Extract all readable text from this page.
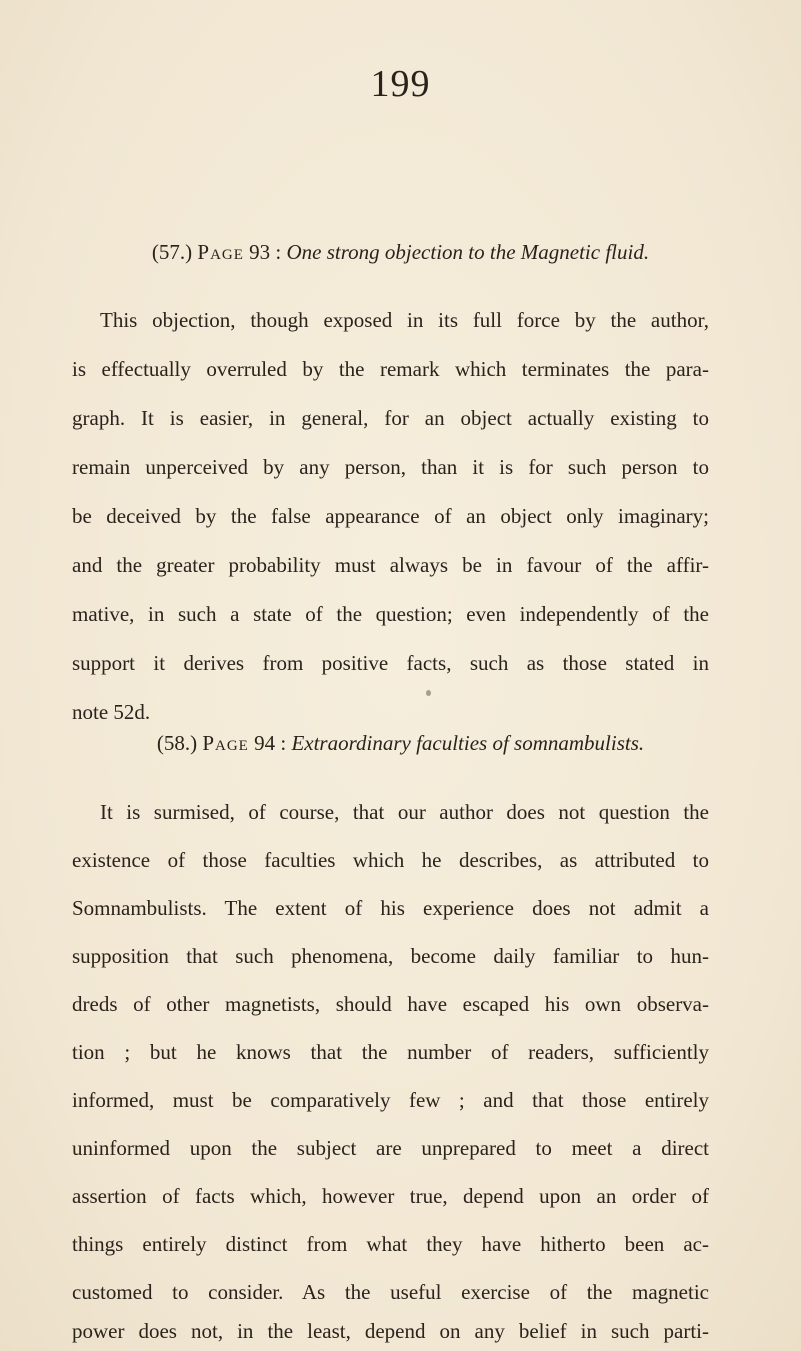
199
(57.) Page 93 : One strong objection to the Magnetic fluid.
This objection, though exposed in its full force by the author,
is effectually overruled by the remark which terminates the para-
graph. It is easier, in general, for an object actually existing to
remain unperceived by any person, than it is for such person to
be deceived by the false appearance of an object only imaginary;
and the greater probability must always be in favour of the affir-
mative, in such a state of the question; even independently of the
support it derives from positive facts, such as those stated in
note 52d.
(58.) Page 94 : Extraordinary faculties of somnambulists.
It is surmised, of course, that our author does not question the
existence of those faculties which he describes, as attributed to
Somnambulists. The extent of his experience does not admit a
supposition that such phenomena, become daily familiar to hun-
dreds of other magnetists, should have escaped his own observa-
tion ; but he knows that the number of readers, sufficiently
informed, must be comparatively few ; and that those entirely
uninformed upon the subject are unprepared to meet a direct
assertion of facts which, however true, depend upon an order of
things entirely distinct from what they have hitherto been ac-
customed to consider. As the useful exercise of the magnetic
power does not, in the least, depend on any belief in such parti-
